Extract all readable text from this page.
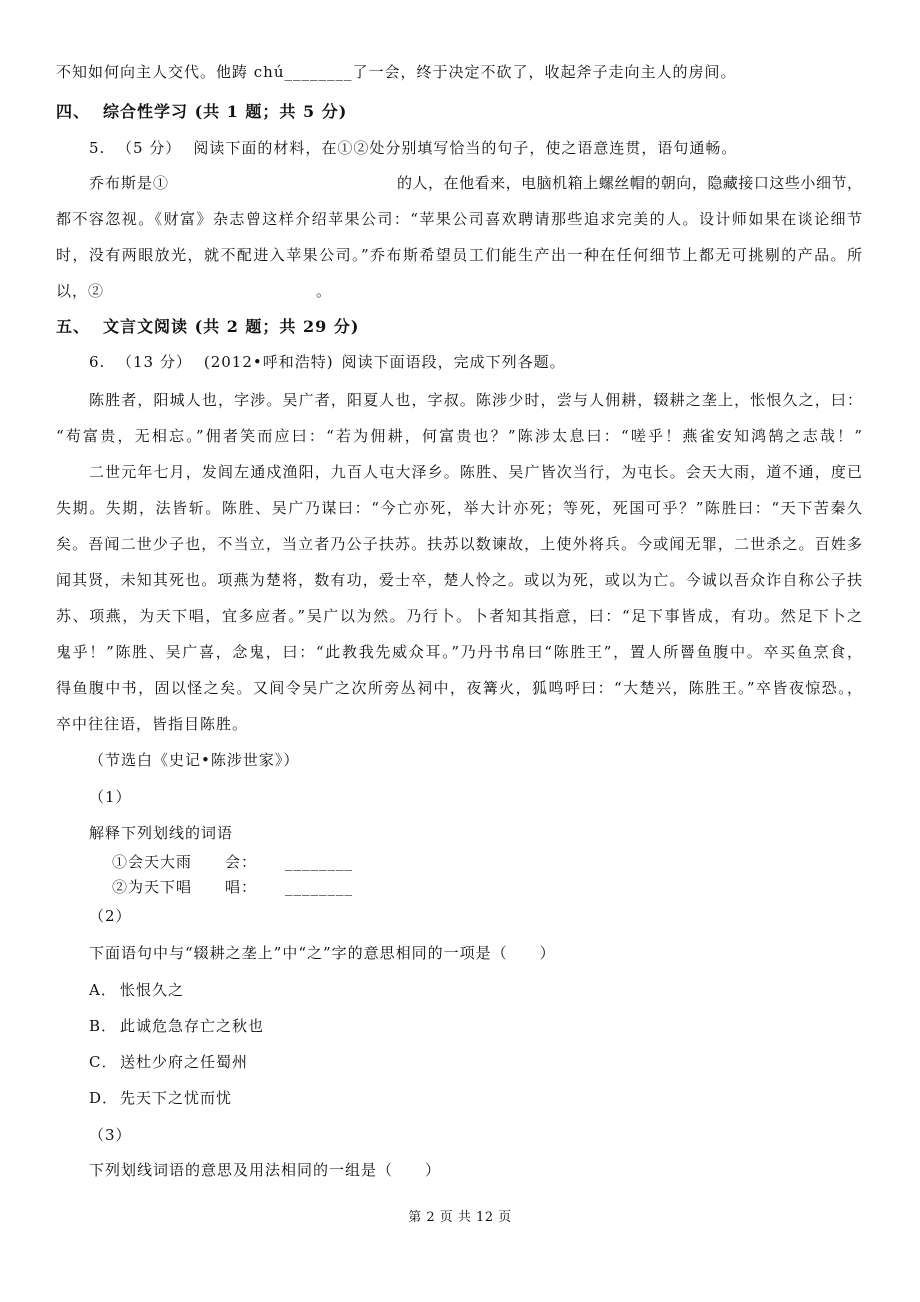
不知如何向主人交代。他踌 chú________了一会，终于决定不砍了，收起斧子走向主人的房间。
四、 综合性学习 (共 1 题；共 5 分)
5. （5 分） 阅读下面的材料，在①②处分别填写恰当的句子，使之语意连贯，语句通畅。
乔布斯是①	的人，在他看来，电脑机箱上螺丝帽的朝向，隐藏接口这些小细节，
都不容忽视。《财富》杂志曾这样介绍苹果公司：“苹果公司喜欢聘请那些追求完美的人。设计师如果在谈论细节
时，没有两眼放光，就不配进入苹果公司。”乔布斯希望员工们能生产出一种在任何细节上都无可挑剔的产品。所
以，②	。
五、 文言文阅读 (共 2 题；共 29 分)
6. （13 分） (2012•呼和浩特) 阅读下面语段，完成下列各题。
陈胜者，阳城人也，字涉。吴广者，阳夏人也，字叔。陈涉少时，尝与人佣耕，辍耕之垄上，怅恨久之，曰：
“苟富贵，无相忘。”佣者笑而应曰：“若为佣耕，何富贵也？”陈涉太息曰：“嗟乎！燕雀安知鸿鹄之志哉！”
二世元年七月，发闾左通戍渔阳，九百人屯大泽乡。陈胜、吴广皆次当行，为屯长。会天大雨，道不通，度已
失期。失期，法皆斩。陈胜、吴广乃谋曰：“今亡亦死，举大计亦死；等死，死国可乎？”陈胜曰：“天下苦秦久
矣。吾闻二世少子也，不当立，当立者乃公子扶苏。扶苏以数谏故，上使外将兵。今或闻无罪，二世杀之。百姓多
闻其贤，未知其死也。项燕为楚将，数有功，爱士卒，楚人怜之。或以为死，或以为亡。今诚以吾众诈自称公子扶
苏、项燕，为天下唱，宜多应者。”吴广以为然。乃行卜。卜者知其指意，曰：“足下事皆成，有功。然足下卜之
鬼乎！”陈胜、吴广喜，念鬼，曰：“此教我先威众耳。”乃丹书帛曰“陈胜王”，置人所罾鱼腹中。卒买鱼烹食，
得鱼腹中书，固以怪之矣。又间令吴广之次所旁丛祠中，夜篝火，狐鸣呼曰：“大楚兴，陈胜王。”卒皆夜惊恐。，
卒中往往语，皆指目陈胜。
（节选白《史记•陈涉世家》）
（1）
解释下列划线的词语
①会天大雨 会： ________
②为天下唱 唱： ________
（2）
下面语句中与“辍耕之垄上”中“之”字的意思相同的一项是（　　）
A． 怅恨久之
B． 此诚危急存亡之秋也
C． 送杜少府之任蜀州
D． 先天下之忧而忧
（3）
下列划线词语的意思及用法相同的一组是（　　）
第 2 页 共 12 页
